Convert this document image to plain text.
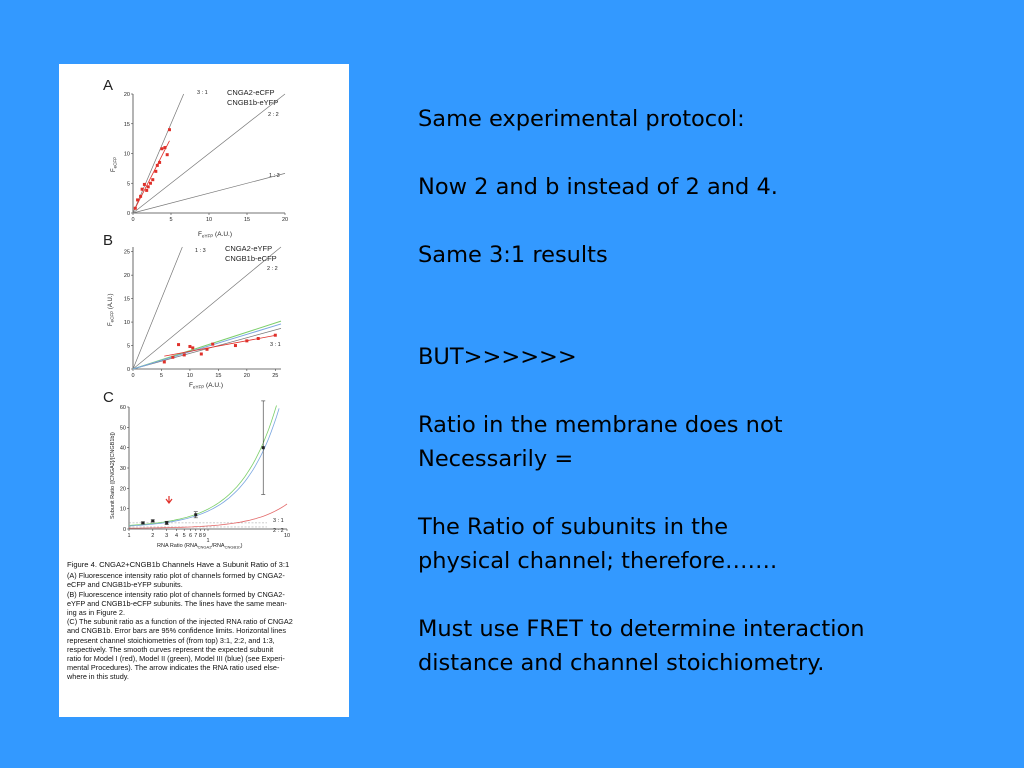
A	CNGA2-eCFP
CNGB1b-eYFP
0	5	10	15	20
0
5
10
15
20	3 : 1
2 : 2
1 : 3
$F_{eYFP}$ (A.U.)
$F_{eCFP}$
B	CNGA2-eYFP
CNGB1b-eCFP
0	5	10	15	20	25
0
5
10
15
20
25	1 : 3
2 : 2
3 : 1
$F_{eYFP}$ (A.U.)
$F_{eCFP}$ (A.U.)
C
0
10
20
30
40
50
60
1	2 3 4 5 6 7 8 9
1
10
3 : 1
2 : 2
RNA Ratio $(RNA_{CNGA2}/RNA_{CNGB1b})$
Subunit Ratio ([CNGA2]/[CNGB1b])
Figure 4. CNGA2+CNGB1b Channels Have a Subunit Ratio of 3:1
(A) Fluorescence intensity ratio plot of channels formed by CNGA2-
eCFP and CNGB1b-eYFP subunits.
(B) Fluorescence intensity ratio plot of channels formed by CNGA2-
eYFP and CNGB1b-eCFP subunits. The lines have the same mean-
ing as in Figure 2.
(C) The subunit ratio as a function of the injected RNA ratio of CNGA2
and CNGB1b. Error bars are 95% confidence limits. Horizontal lines
represent channel stoichiometries of (from top) 3:1, 2:2, and 1:3,
respectively. The smooth curves represent the expected subunit
ratio for Model I (red), Model II (green), Model III (blue) (see Experi-
mental Procedures). The arrow indicates the RNA ratio used else-
where in this study.
Same experimental protocol:

Now 2 and b instead of 2 and 4.

Same 3:1 results

BUT>>>>>>

Ratio in the membrane does not
Necessarily =

The Ratio of subunits in the
physical channel; therefore…….

Must use FRET to determine interaction
distance and channel stoichiometry.
